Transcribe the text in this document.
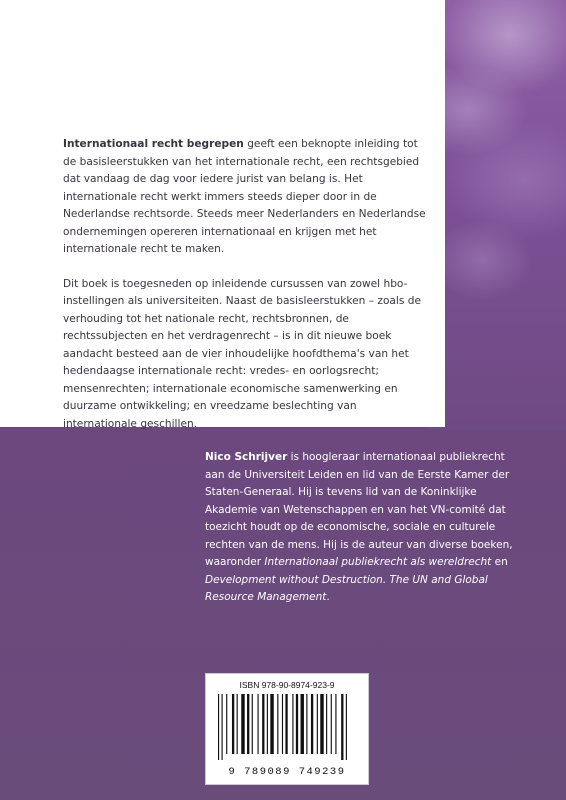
Internationaal recht begrepen geeft een beknopte inleiding tot de basisleerstukken van het internationale recht, een rechtsgebied dat vandaag de dag voor iedere jurist van belang is. Het internationale recht werkt immers steeds dieper door in de Nederlandse rechtsorde. Steeds meer Nederlanders en Nederlandse ondernemingen opereren internationaal en krijgen met het internationale recht te maken.

Dit boek is toegesneden op inleidende cursussen van zowel hbo-instellingen als universiteiten. Naast de basisleerstukken – zoals de verhouding tot het nationale recht, rechtsbronnen, de rechtssubjecten en het verdragenrecht – is in dit nieuwe boek aandacht besteed aan de vier inhoudelijke hoofdthema's van het hedendaagse internationale recht: vredes- en oorlogsrecht; mensenrechten; internationale economische samenwerking en duurzame ontwikkeling; en vreedzame beslechting van internationale geschillen.

Nico Schrijver is hoogleraar internationaal publiekrecht aan de Universiteit Leiden en lid van de Eerste Kamer der Staten-Generaal. Hij is tevens lid van de Koninklijke Akademie van Wetenschappen en van het VN-comité dat toezicht houdt op de economische, sociale en culturele rechten van de mens. Hij is de auteur van diverse boeken, waaronder Internationaal publiekrecht als wereldrecht en Development without Destruction. The UN and Global Resource Management.

ISBN 978-90-8974-923-9
9 789089 749239
